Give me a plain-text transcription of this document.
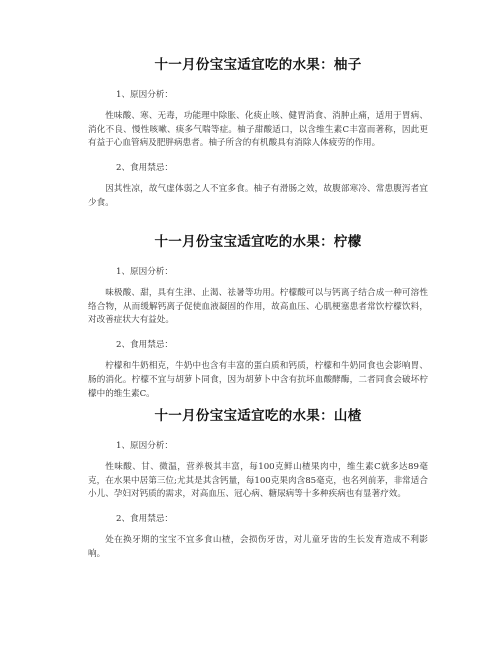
十一月份宝宝适宜吃的水果：柚子
1、原因分析：
性味酸、寒、无毒，功能理中除胀、化痰止咳、健胃消食、消肿止痛，适用于胃病、消化不良、慢性咳嗽、痰多气喘等症。柚子甜酸适口，以含维生素C丰富而著称，因此更有益于心血管病及肥胖病患者。柚子所含的有机酸具有消除人体疲劳的作用。
2、食用禁忌：
因其性凉，故气虚体弱之人不宜多食。柚子有滑肠之效，故腹部寒冷、常患腹泻者宜少食。
十一月份宝宝适宜吃的水果：柠檬
1、原因分析：
味极酸、甜，具有生津、止渴、祛暑等功用。柠檬酸可以与钙离子结合成一种可溶性络合物，从而缓解钙离子促使血液凝固的作用，故高血压、心肌梗塞患者常饮柠檬饮料，对改善症状大有益处。
2、食用禁忌：
柠檬和牛奶相克，牛奶中也含有丰富的蛋白质和钙质，柠檬和牛奶同食也会影响胃、肠的消化。柠檬不宜与胡萝卜同食，因为胡萝卜中含有抗坏血酸酵酶，二者同食会破坏柠檬中的维生素C。
十一月份宝宝适宜吃的水果：山楂
1、原因分析：
性味酸、甘、微温，营养极其丰富，每100克鲜山楂果肉中，维生素C就多达89毫克，在水果中居第三位;尤其是其含钙量，每100克果肉含85毫克，也名列前茅，非常适合小儿、孕妇对钙质的需求，对高血压、冠心病、糖尿病等十多种疾病也有显著疗效。
2、食用禁忌：
处在换牙期的宝宝不宜多食山楂，会损伤牙齿，对儿童牙齿的生长发育造成不利影响。
